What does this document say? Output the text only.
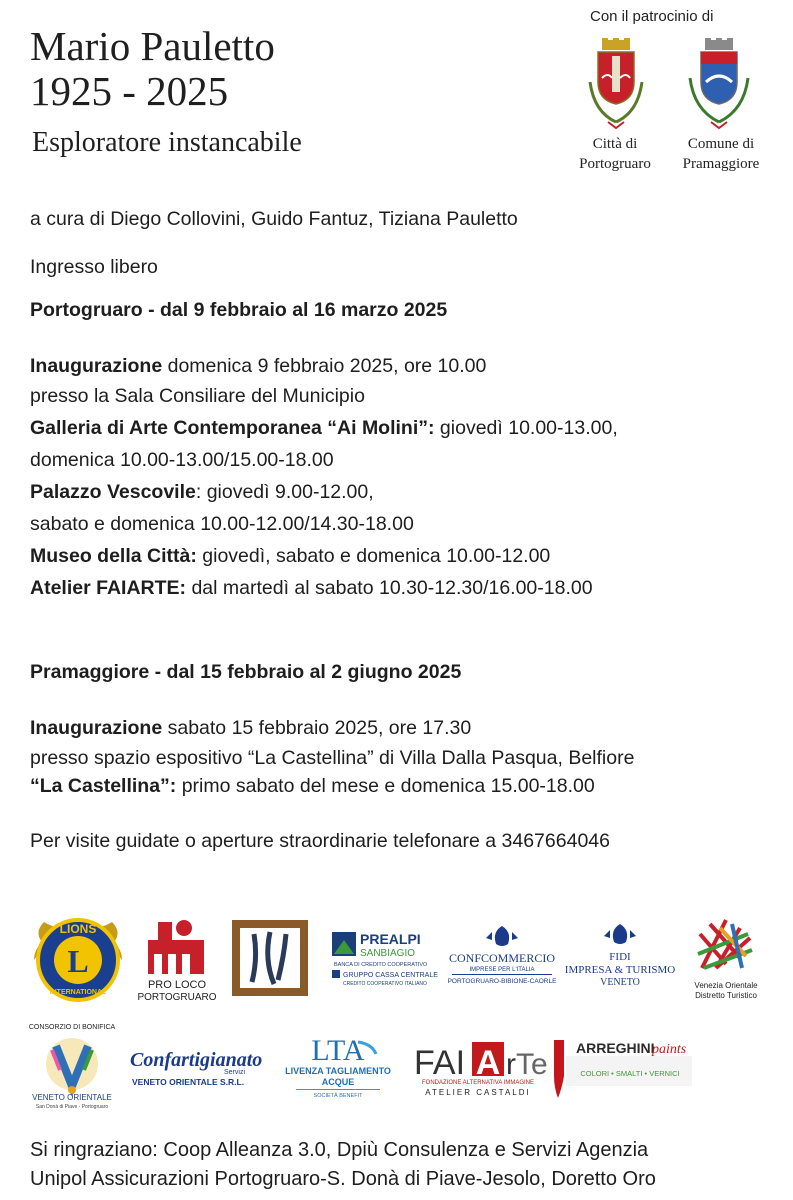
Mario Pauletto
1925 - 2025
Esploratore instancabile
Con il patrocinio di
Città di
Portogruaro
Comune di
Pramaggiore
a cura di Diego Collovini, Guido Fantuz, Tiziana Pauletto
Ingresso libero
Portogruaro - dal 9 febbraio al 16 marzo 2025
Inaugurazione domenica 9 febbraio 2025, ore 10.00
presso la Sala Consiliare del Municipio
Galleria di Arte Contemporanea “Ai Molini”: giovedì 10.00-13.00,
domenica 10.00-13.00/15.00-18.00
Palazzo Vescovile: giovedì 9.00-12.00,
sabato e domenica 10.00-12.00/14.30-18.00
Museo della Città: giovedì, sabato e domenica 10.00-12.00
Atelier FAIARTE: dal martedì al sabato 10.30-12.30/16.00-18.00
Pramaggiore - dal 15 febbraio al 2 giugno 2025
Inaugurazione sabato 15 febbraio 2025, ore 17.30
presso spazio espositivo “La Castellina” di Villa Dalla Pasqua, Belfiore
“La Castellina”: primo sabato del mese e domenica 15.00-18.00
Per visite guidate o aperture straordinarie telefonare a 3467664046
L
LIONS
INTERNATIONAL
PRO LOCO
PORTOGRUARO
PREALPI
SANBIAGIO
BANCA DI CREDITO COOPERATIVO
GRUPPO CASSA CENTRALE
CREDITO COOPERATIVO ITALIANO
CONFCOMMERCIO
IMPRESE PER L'ITALIA
PORTOGRUARO-BIBIONE-CAORLE
FIDI
IMPRESA & TURISMO
VENETO	Venezia Orientale
Distretto Turistico
CONSORZIO DI BONIFICA
VENETO ORIENTALE
San Donà di Piave - Portogruaro
Confartigianato
Servizi
VENETO ORIENTALE S.R.L.
LTA
LIVENZA TAGLIAMENTO
ACQUE
SOCIETÀ BENEFIT
FAI A r Te
FONDAZIONE ALTERNATIVA IMMAGINE
ATELIER CASTALDI
ARREGHINI
paints
COLORI • SMALTI • VERNICI
Si ringraziano: Coop Alleanza 3.0, Dpiù Consulenza e Servizi Agenzia
Unipol Assicurazioni Portogruaro-S. Donà di Piave-Jesolo, Doretto Oro
